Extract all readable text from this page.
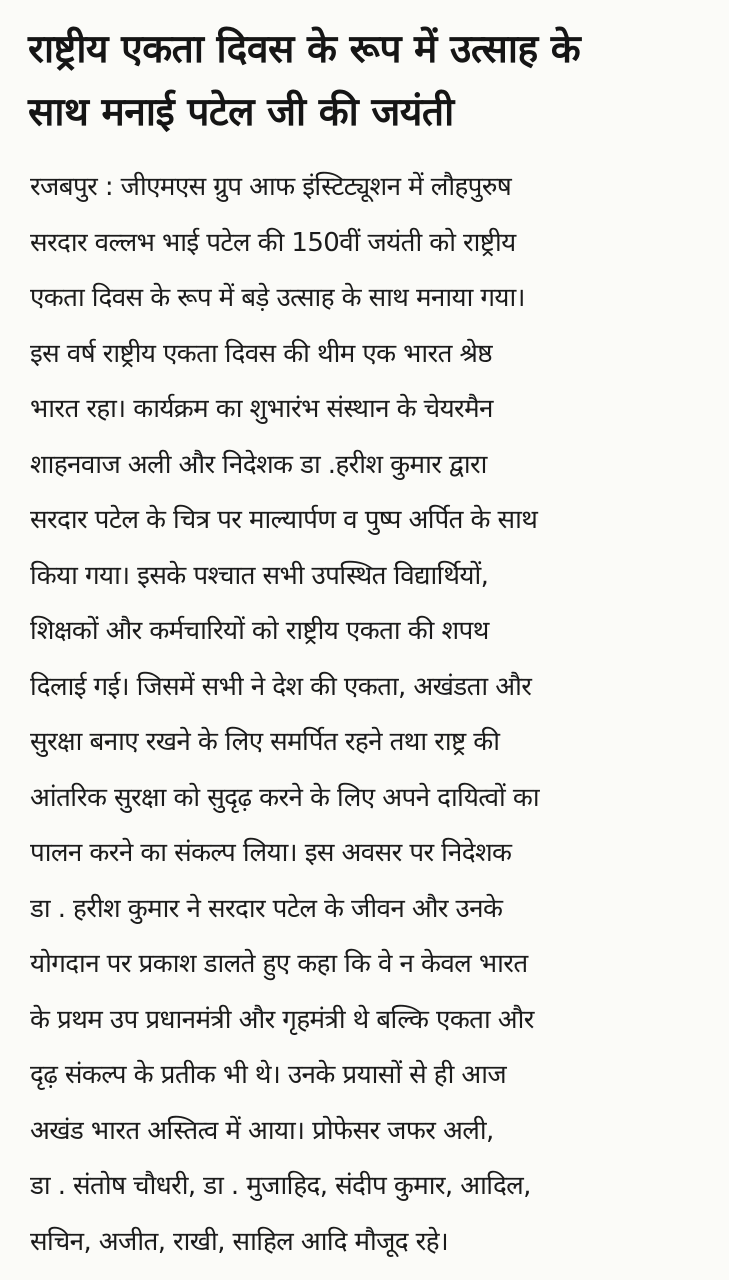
राष्ट्रीय एकता दिवस के रूप में उत्साह के
साथ मनाई पटेल जी की जयंती
रजबपुर : जीएमएस ग्रुप आफ इंस्टिट्यूशन में लौहपुरुष
सरदार वल्लभ भाई पटेल की 150वीं जयंती को राष्ट्रीय
एकता दिवस के रूप में बड़े उत्साह के साथ मनाया गया।
इस वर्ष राष्ट्रीय एकता दिवस की थीम एक भारत श्रेष्ठ
भारत रहा। कार्यक्रम का शुभारंभ संस्थान के चेयरमैन
शाहनवाज अली और निदेशक डा .हरीश कुमार द्वारा
सरदार पटेल के चित्र पर माल्यार्पण व पुष्प अर्पित के साथ
किया गया। इसके पश्चात सभी उपस्थित विद्यार्थियों,
शिक्षकों और कर्मचारियों को राष्ट्रीय एकता की शपथ
दिलाई गई। जिसमें सभी ने देश की एकता, अखंडता और
सुरक्षा बनाए रखने के लिए समर्पित रहने तथा राष्ट्र की
आंतरिक सुरक्षा को सुदृढ़ करने के लिए अपने दायित्वों का
पालन करने का संकल्प लिया। इस अवसर पर निदेशक
डा . हरीश कुमार ने सरदार पटेल के जीवन और उनके
योगदान पर प्रकाश डालते हुए कहा कि वे न केवल भारत
के प्रथम उप प्रधानमंत्री और गृहमंत्री थे बल्कि एकता और
दृढ़ संकल्प के प्रतीक भी थे। उनके प्रयासों से ही आज
अखंड भारत अस्तित्व में आया। प्रोफेसर जफर अली,
डा . संतोष चौधरी, डा . मुजाहिद, संदीप कुमार, आदिल,
सचिन, अजीत, राखी, साहिल आदि मौजूद रहे।
